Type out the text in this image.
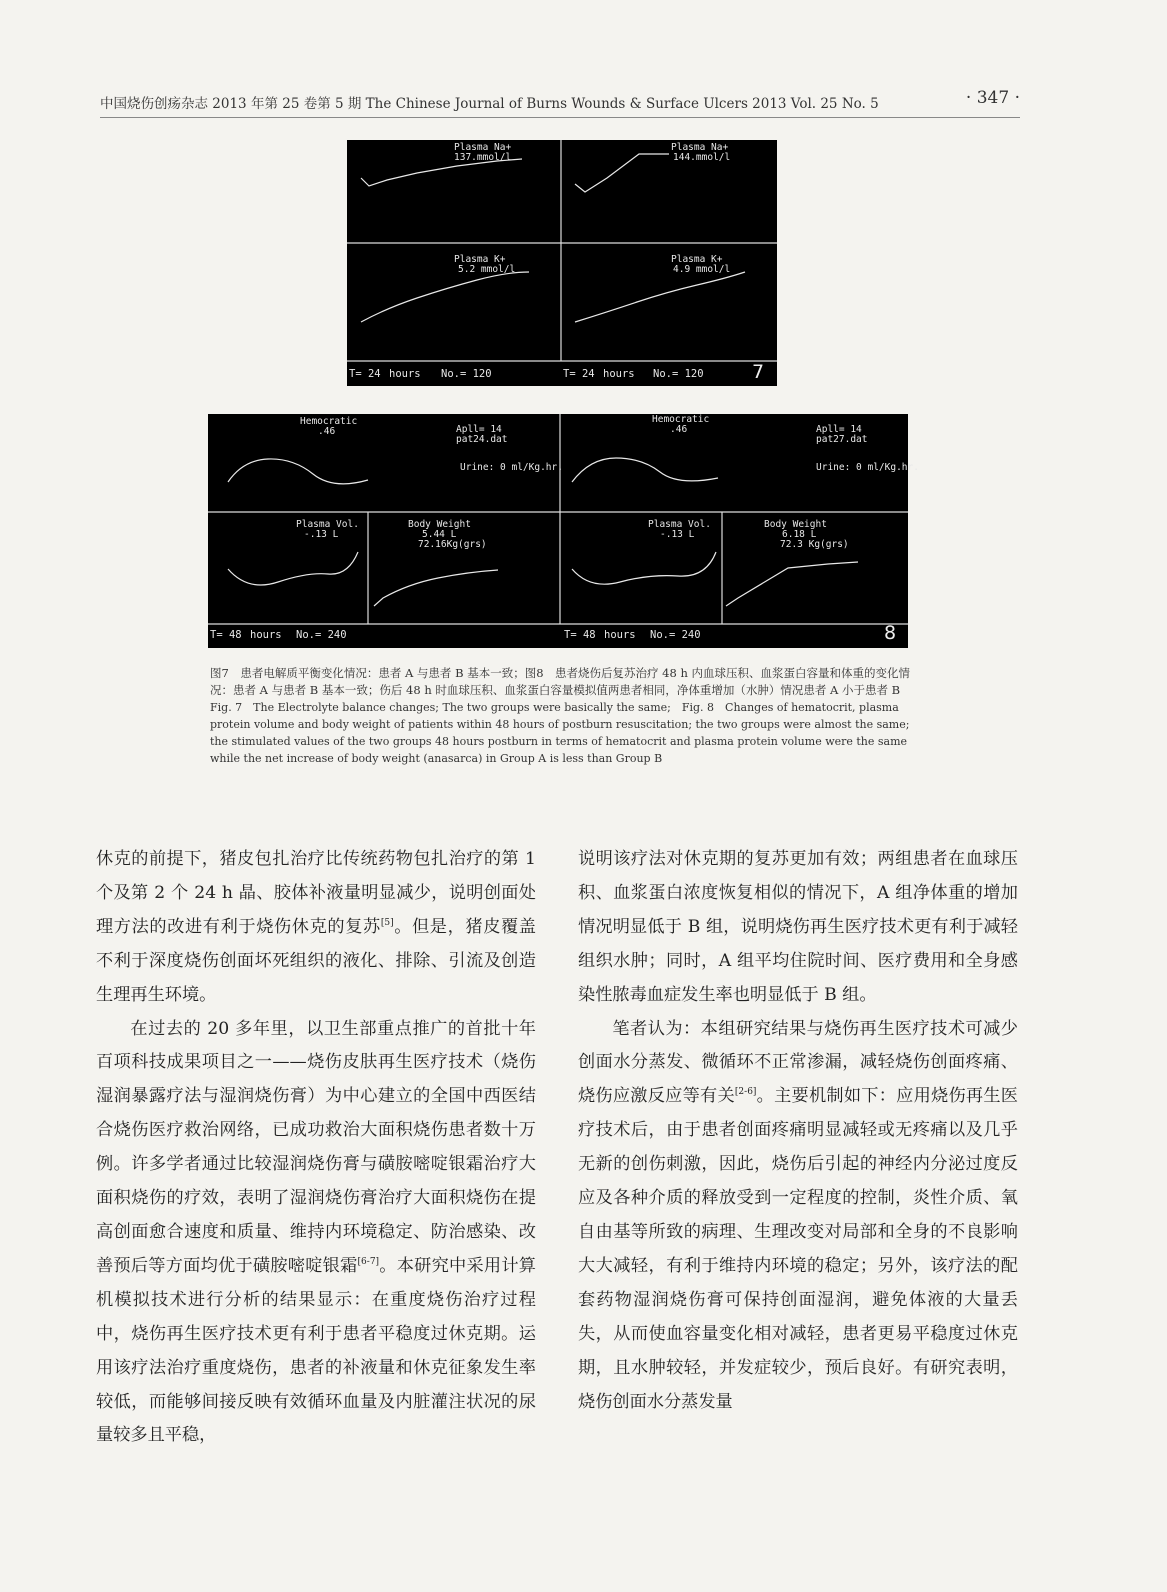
中国烧伤创疡杂志 2013 年第 25 卷第 5 期 The Chinese Journal of Burns Wounds & Surface Ulcers 2013 Vol. 25 No. 5	· 347 ·
Plasma Na+
137.mmol/l
Plasma K+
5.2 mmol/l
T= 24 hours No.= 120
Plasma Na+
144.mmol/l
Plasma K+
4.9 mmol/l
T= 24 hours No.= 120	7
Hemocratic
.46	Apll= 14
pat24.dat
Urine: 0 ml/Kg.hr.
Plasma Vol.
-.13 L
Body Weight
5.44 L
72.16Kg(grs)
T= 48 hours No.= 240
Hemocratic
.46	Apll= 14
pat27.dat
Urine: 0 ml/Kg.hr.
Plasma Vol.
-.13 L
Body Weight
6.18 L
72.3 Kg(grs)
T= 48 hours No.= 240	8

图7　患者电解质平衡变化情况：患者 A 与患者 B 基本一致；图8　患者烧伤后复苏治疗 48 h 内血球压积、血浆蛋白容量和体重的变化情况：患者 A 与患者 B 基本一致；伤后 48 h 时血球压积、血浆蛋白容量模拟值两患者相同，净体重增加（水肿）情况患者 A 小于患者 B

Fig. 7　The Electrolyte balance changes; The two groups were basically the same;　Fig. 8　Changes of hematocrit, plasma protein volume and body weight of patients within 48 hours of postburn resuscitation; the two groups were almost the same; the stimulated values of the two groups 48 hours postburn in terms of hematocrit and plasma protein volume were the same while the net increase of body weight (anasarca) in Group A is less than Group B

休克的前提下，猪皮包扎治疗比传统药物包扎治疗的第 1 个及第 2 个 24 h 晶、胶体补液量明显减少，说明创面处理方法的改进有利于烧伤休克的复苏[5]。但是，猪皮覆盖不利于深度烧伤创面坏死组织的液化、排除、引流及创造生理再生环境。

在过去的 20 多年里，以卫生部重点推广的首批十年百项科技成果项目之一——烧伤皮肤再生医疗技术（烧伤湿润暴露疗法与湿润烧伤膏）为中心建立的全国中西医结合烧伤医疗救治网络，已成功救治大面积烧伤患者数十万例。许多学者通过比较湿润烧伤膏与磺胺嘧啶银霜治疗大面积烧伤的疗效，表明了湿润烧伤膏治疗大面积烧伤在提高创面愈合速度和质量、维持内环境稳定、防治感染、改善预后等方面均优于磺胺嘧啶银霜[6-7]。本研究中采用计算机模拟技术进行分析的结果显示：在重度烧伤治疗过程中，烧伤再生医疗技术更有利于患者平稳度过休克期。运用该疗法治疗重度烧伤，患者的补液量和休克征象发生率较低，而能够间接反映有效循环血量及内脏灌注状况的尿量较多且平稳，

说明该疗法对休克期的复苏更加有效；两组患者在血球压积、血浆蛋白浓度恢复相似的情况下，A 组净体重的增加情况明显低于 B 组，说明烧伤再生医疗技术更有利于减轻组织水肿；同时，A 组平均住院时间、医疗费用和全身感染性脓毒血症发生率也明显低于 B 组。

笔者认为：本组研究结果与烧伤再生医疗技术可减少创面水分蒸发、微循环不正常渗漏，减轻烧伤创面疼痛、烧伤应激反应等有关[2-6]。主要机制如下：应用烧伤再生医疗技术后，由于患者创面疼痛明显减轻或无疼痛以及几乎无新的创伤刺激，因此，烧伤后引起的神经内分泌过度反应及各种介质的释放受到一定程度的控制，炎性介质、氧自由基等所致的病理、生理改变对局部和全身的不良影响大大减轻，有利于维持内环境的稳定；另外，该疗法的配套药物湿润烧伤膏可保持创面湿润，避免体液的大量丢失，从而使血容量变化相对减轻，患者更易平稳度过休克期，且水肿较轻，并发症较少，预后良好。有研究表明，烧伤创面水分蒸发量
